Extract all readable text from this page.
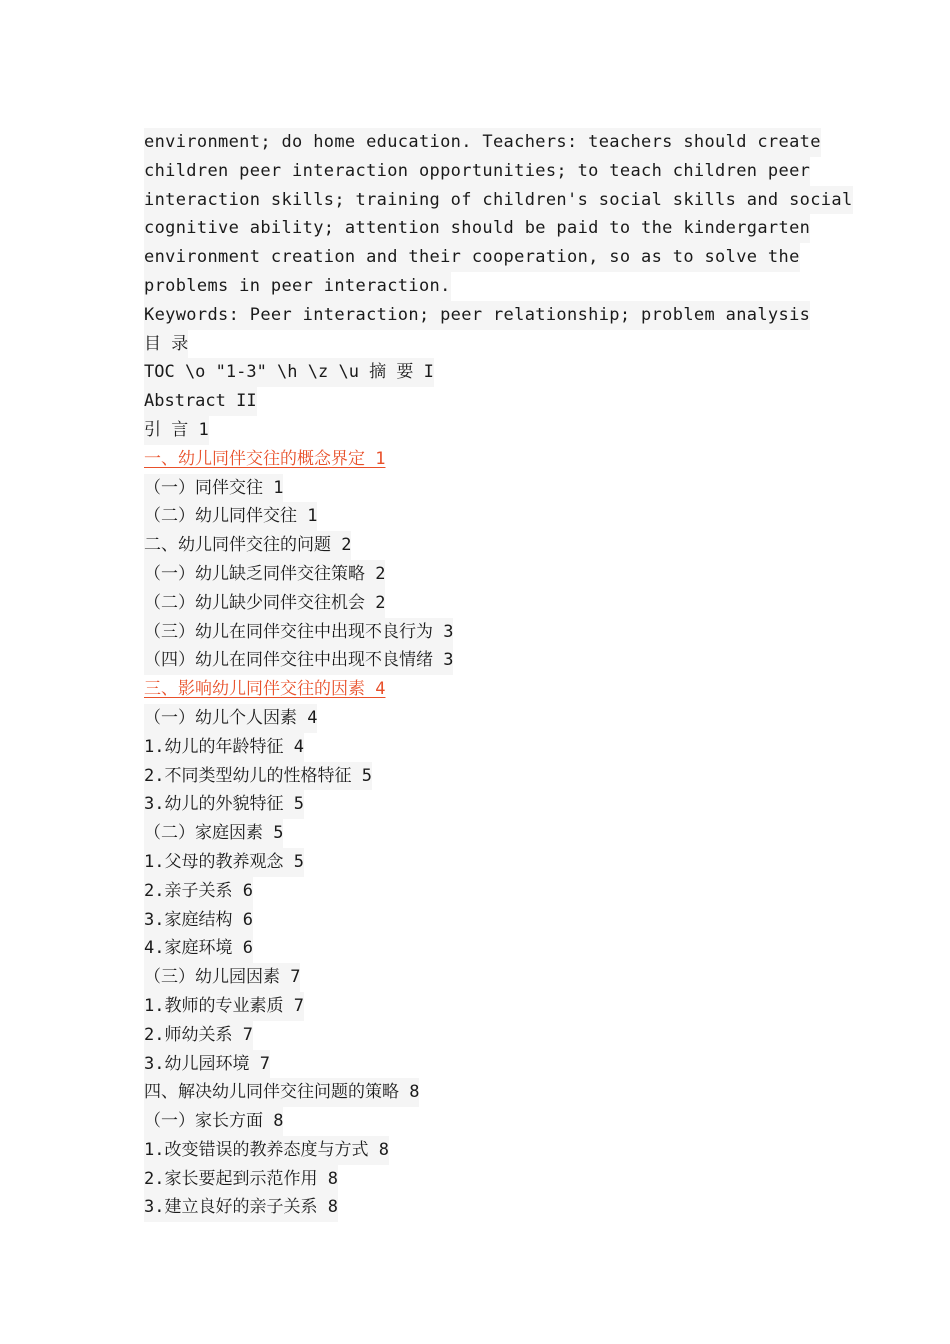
environment; do home education. Teachers: teachers should create
children peer interaction opportunities; to teach children peer
interaction skills; training of children's social skills and social
cognitive ability; attention should be paid to the kindergarten
environment creation and their cooperation, so as to solve the
problems in peer interaction.
Keywords: Peer interaction; peer relationship; problem analysis
目 录
TOC \o "1-3" \h \z \u 摘 要 I
Abstract II
引 言 1
一、幼儿同伴交往的概念界定 1
（一）同伴交往 1
（二）幼儿同伴交往 1
二、幼儿同伴交往的问题 2
（一）幼儿缺乏同伴交往策略 2
（二）幼儿缺少同伴交往机会 2
（三）幼儿在同伴交往中出现不良行为 3
（四）幼儿在同伴交往中出现不良情绪 3
三、影响幼儿同伴交往的因素 4
（一）幼儿个人因素 4
1.幼儿的年龄特征 4
2.不同类型幼儿的性格特征 5
3.幼儿的外貌特征 5
（二）家庭因素 5
1.父母的教养观念 5
2.亲子关系 6
3.家庭结构 6
4.家庭环境 6
（三）幼儿园因素 7
1.教师的专业素质 7
2.师幼关系 7
3.幼儿园环境 7
四、解决幼儿同伴交往问题的策略 8
（一）家长方面 8
1.改变错误的教养态度与方式 8
2.家长要起到示范作用 8
3.建立良好的亲子关系 8
